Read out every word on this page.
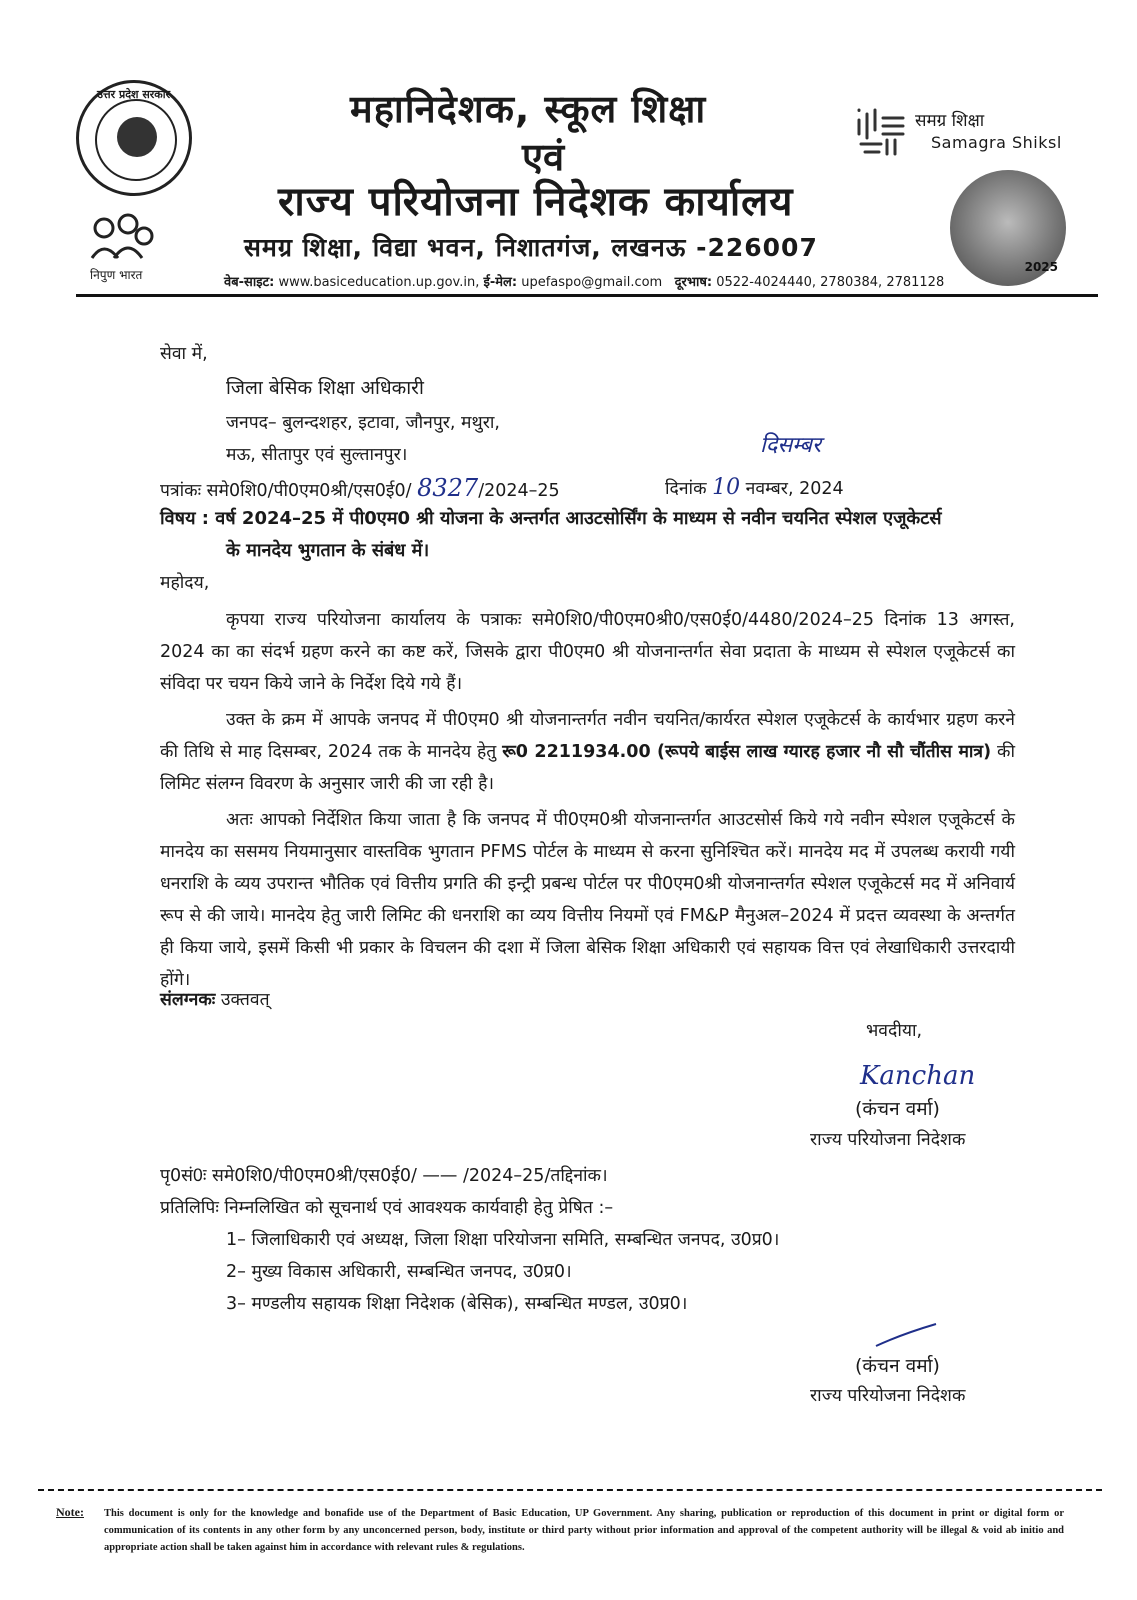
उत्तर प्रदेश सरकार
निपुण भारत
महानिदेशक, स्कूल शिक्षा
एवं
राज्य परियोजना निदेशक कार्यालय
समग्र शिक्षा, विद्या भवन, निशातगंज, लखनऊ -226007
वेब-साइट: www.basiceducation.up.gov.in, ई-मेल: upefaspo@gmail.com दूरभाष: 0522-4024440, 2780384, 2781128
समग्र शिक्षा
Samagra Shiksl
2025
सेवा में,
जिला बेसिक शिक्षा अधिकारी
जनपद– बुलन्दशहर, इटावा, जौनपुर, मथुरा,
मऊ, सीतापुर एवं सुल्तानपुर।	दिसम्बर
पत्रांकः समे0शि0/पी0एम0श्री/एस0ई0/ 8327/2024–25	दिनांक 10 नवम्बर, 2024
विषय : वर्ष 2024–25 में पी0एम0 श्री योजना के अन्तर्गत आउटसोर्सिंग के माध्यम से नवीन चयनित स्पेशल एजूकेटर्स
के मानदेय भुगतान के संबंध में।
महोदय,
कृपया राज्य परियोजना कार्यालय के पत्राकः समे0शि0/पी0एम0श्री0/एस0ई0/4480/2024–25 दिनांक 13 अगस्त, 2024 का का संदर्भ ग्रहण करने का कष्ट करें, जिसके द्वारा पी0एम0 श्री योजनान्तर्गत सेवा प्रदाता के माध्यम से स्पेशल एजूकेटर्स का संविदा पर चयन किये जाने के निर्देश दिये गये हैं।
उक्त के क्रम में आपके जनपद में पी0एम0 श्री योजनान्तर्गत नवीन चयनित/कार्यरत स्पेशल एजूकेटर्स के कार्यभार ग्रहण करने की तिथि से माह दिसम्बर, 2024 तक के मानदेय हेतु रू0 2211934.00 (रूपये बाईस लाख ग्यारह हजार नौ सौ चौंतीस मात्र) की लिमिट संलग्न विवरण के अनुसार जारी की जा रही है।
अतः आपको निर्देशित किया जाता है कि जनपद में पी0एम0श्री योजनान्तर्गत आउटसोर्स किये गये नवीन स्पेशल एजूकेटर्स के मानदेय का ससमय नियमानुसार वास्तविक भुगतान PFMS पोर्टल के माध्यम से करना सुनिश्चित करें। मानदेय मद में उपलब्ध करायी गयी धनराशि के व्यय उपरान्त भौतिक एवं वित्तीय प्रगति की इन्ट्री प्रबन्ध पोर्टल पर पी0एम0श्री योजनान्तर्गत स्पेशल एजूकेटर्स मद में अनिवार्य रूप से की जाये। मानदेय हेतु जारी लिमिट की धनराशि का व्यय वित्तीय नियमों एवं FM&P मैनुअल–2024 में प्रदत्त व्यवस्था के अन्तर्गत ही किया जाये, इसमें किसी भी प्रकार के विचलन की दशा में जिला बेसिक शिक्षा अधिकारी एवं सहायक वित्त एवं लेखाधिकारी उत्तरदायी होंगे।
संलग्नकः उक्तवत्
भवदीया,
Kanchan
(कंचन वर्मा)
राज्य परियोजना निदेशक
पृ0सं0ः समे0शि0/पी0एम0श्री/एस0ई0/ —— /2024–25/तद्दिनांक।
प्रतिलिपिः निम्नलिखित को सूचनार्थ एवं आवश्यक कार्यवाही हेतु प्रेषित :–
1– जिलाधिकारी एवं अध्यक्ष, जिला शिक्षा परियोजना समिति, सम्बन्धित जनपद, उ0प्र0।
2– मुख्य विकास अधिकारी, सम्बन्धित जनपद, उ0प्र0।
3– मण्डलीय सहायक शिक्षा निदेशक (बेसिक), सम्बन्धित मण्डल, उ0प्र0।
(कंचन वर्मा)
राज्य परियोजना निदेशक
Note: This document is only for the knowledge and bonafide use of the Department of Basic Education, UP Government. Any sharing, publication or reproduction of this document in print or digital form or communication of its contents in any other form by any unconcerned person, body, institute or third party without prior information and approval of the competent authority will be illegal & void ab initio and appropriate action shall be taken against him in accordance with relevant rules & regulations.
